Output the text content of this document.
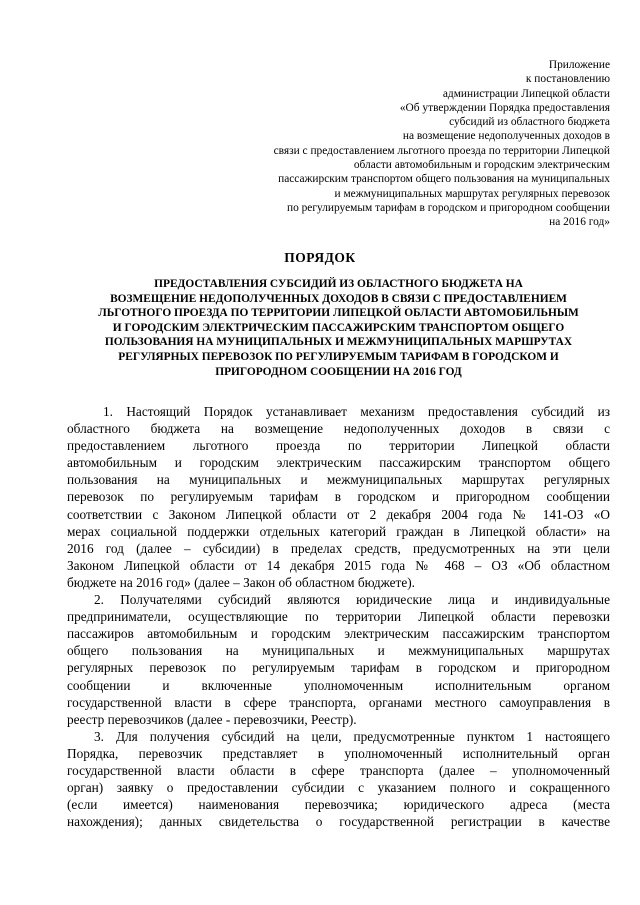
Приложение
к постановлению
администрации Липецкой области
«Об утверждении Порядка предоставления
субсидий из областного бюджета
на возмещение недополученных доходов в
связи с предоставлением льготного проезда по территории Липецкой
области автомобильным и городским электрическим
пассажирским транспортом общего пользования на муниципальных
и межмуниципальных маршрутах регулярных перевозок
по регулируемым тарифам в городском и пригородном сообщении
на 2016 год»
ПОРЯДОК
ПРЕДОСТАВЛЕНИЯ СУБСИДИЙ ИЗ ОБЛАСТНОГО БЮДЖЕТА НА
ВОЗМЕЩЕНИЕ НЕДОПОЛУЧЕННЫХ ДОХОДОВ В СВЯЗИ С ПРЕДОСТАВЛЕНИЕМ
ЛЬГОТНОГО ПРОЕЗДА ПО ТЕРРИТОРИИ ЛИПЕЦКОЙ ОБЛАСТИ АВТОМОБИЛЬНЫМ
И ГОРОДСКИМ ЭЛЕКТРИЧЕСКИМ ПАССАЖИРСКИМ ТРАНСПОРТОМ ОБЩЕГО
ПОЛЬЗОВАНИЯ НА МУНИЦИПАЛЬНЫХ И МЕЖМУНИЦИПАЛЬНЫХ МАРШРУТАХ
РЕГУЛЯРНЫХ ПЕРЕВОЗОК ПО РЕГУЛИРУЕМЫМ ТАРИФАМ В ГОРОДСКОМ И
ПРИГОРОДНОМ СООБЩЕНИИ НА 2016 ГОД
1. Настоящий Порядок устанавливает механизм предоставления субсидий из
областного бюджета на возмещение недополученных доходов в связи с
предоставлением льготного проезда по территории Липецкой области
автомобильным и городским электрическим пассажирским транспортом общего
пользования на муниципальных и межмуниципальных маршрутах регулярных
перевозок по регулируемым тарифам в городском и пригородном сообщении
соответствии с Законом Липецкой области от 2 декабря 2004 года № 141-ОЗ «О
мерах социальной поддержки отдельных категорий граждан в Липецкой области» на
2016 год (далее – субсидии) в пределах средств, предусмотренных на эти цели
Законом Липецкой области от 14 декабря 2015 года № 468 – ОЗ «Об областном
бюджете на 2016 год» (далее – Закон об областном бюджете).
2. Получателями субсидий являются юридические лица и индивидуальные
предприниматели, осуществляющие по территории Липецкой области перевозки
пассажиров автомобильным и городским электрическим пассажирским транспортом
общего пользования на муниципальных и межмуниципальных маршрутах
регулярных перевозок по регулируемым тарифам в городском и пригородном
сообщении и включенные уполномоченным исполнительным органом
государственной власти в сфере транспорта, органами местного самоуправления в
реестр перевозчиков (далее - перевозчики, Реестр).
3. Для получения субсидий на цели, предусмотренные пунктом 1 настоящего
Порядка, перевозчик представляет в уполномоченный исполнительный орган
государственной власти области в сфере транспорта (далее – уполномоченный
орган) заявку о предоставлении субсидии с указанием полного и сокращенного
(если имеется) наименования перевозчика; юридического адреса (места
нахождения); данных свидетельства о государственной регистрации в качестве
